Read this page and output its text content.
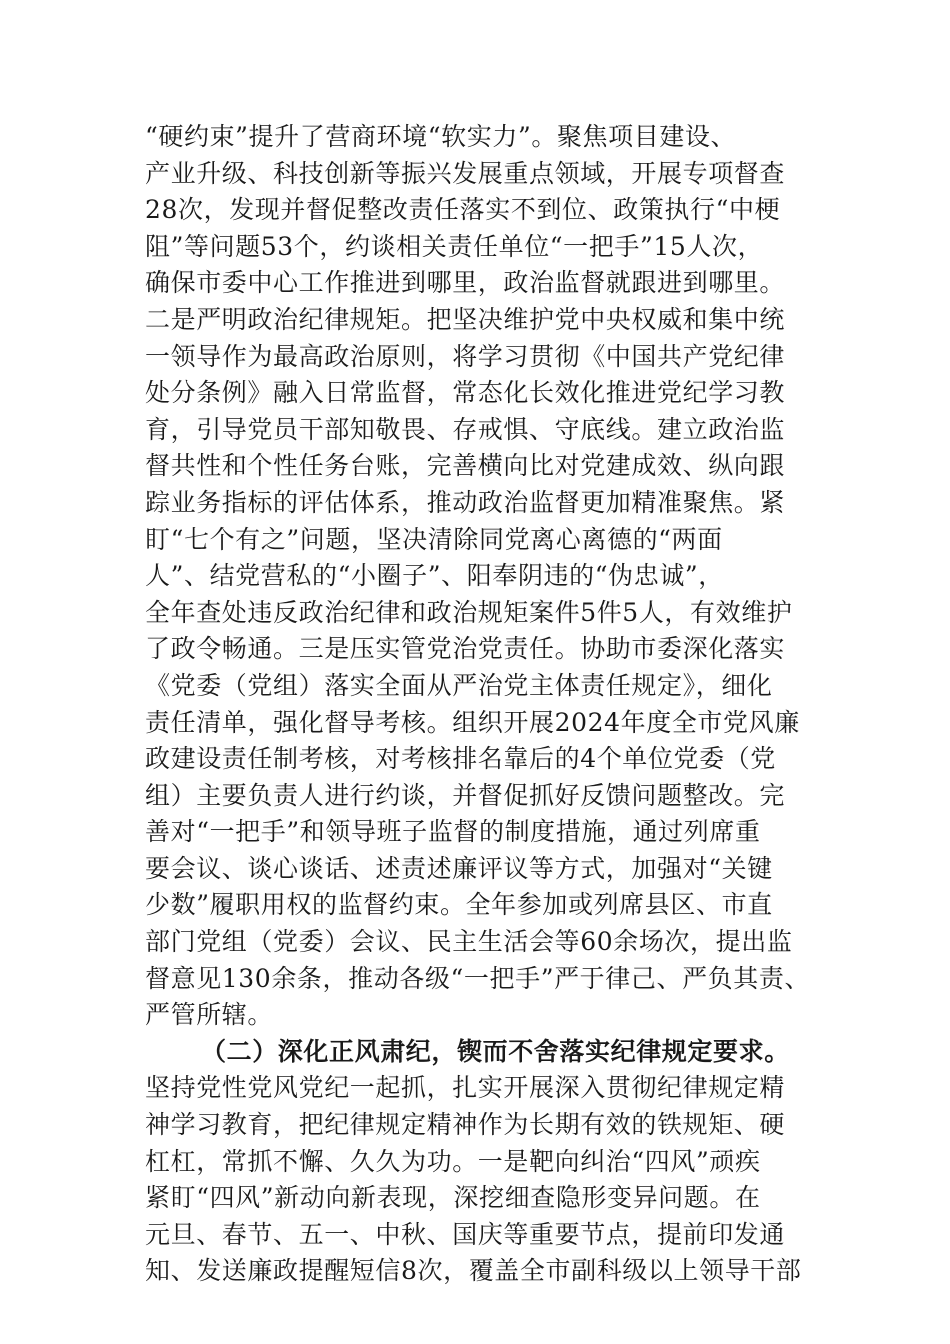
“硬约束”提升了营商环境“软实力”。聚焦项目建设、
产业升级、科技创新等振兴发展重点领域，开展专项督查
28次，发现并督促整改责任落实不到位、政策执行“中梗
阻”等问题53个，约谈相关责任单位“一把手”15人次，
确保市委中心工作推进到哪里，政治监督就跟进到哪里。
二是严明政治纪律规矩。把坚决维护党中央权威和集中统
一领导作为最高政治原则，将学习贯彻《中国共产党纪律
处分条例》融入日常监督，常态化长效化推进党纪学习教
育，引导党员干部知敬畏、存戒惧、守底线。建立政治监
督共性和个性任务台账，完善横向比对党建成效、纵向跟
踪业务指标的评估体系，推动政治监督更加精准聚焦。紧
盯“七个有之”问题，坚决清除同党离心离德的“两面
人”、结党营私的“小圈子”、阳奉阴违的“伪忠诚”，
全年查处违反政治纪律和政治规矩案件5件5人，有效维护
了政令畅通。三是压实管党治党责任。协助市委深化落实
《党委（党组）落实全面从严治党主体责任规定》，细化
责任清单，强化督导考核。组织开展2024年度全市党风廉
政建设责任制考核，对考核排名靠后的4个单位党委（党
组）主要负责人进行约谈，并督促抓好反馈问题整改。完
善对“一把手”和领导班子监督的制度措施，通过列席重
要会议、谈心谈话、述责述廉评议等方式，加强对“关键
少数”履职用权的监督约束。全年参加或列席县区、市直
部门党组（党委）会议、民主生活会等60余场次，提出监
督意见130余条，推动各级“一把手”严于律己、严负其责、
严管所辖。
（二）深化正风肃纪，锲而不舍落实纪律规定要求。
坚持党性党风党纪一起抓，扎实开展深入贯彻纪律规定精
神学习教育，把纪律规定精神作为长期有效的铁规矩、硬
杠杠，常抓不懈、久久为功。一是靶向纠治“四风”顽疾
紧盯“四风”新动向新表现，深挖细查隐形变异问题。在
元旦、春节、五一、中秋、国庆等重要节点，提前印发通
知、发送廉政提醒短信8次，覆盖全市副科级以上领导干部
